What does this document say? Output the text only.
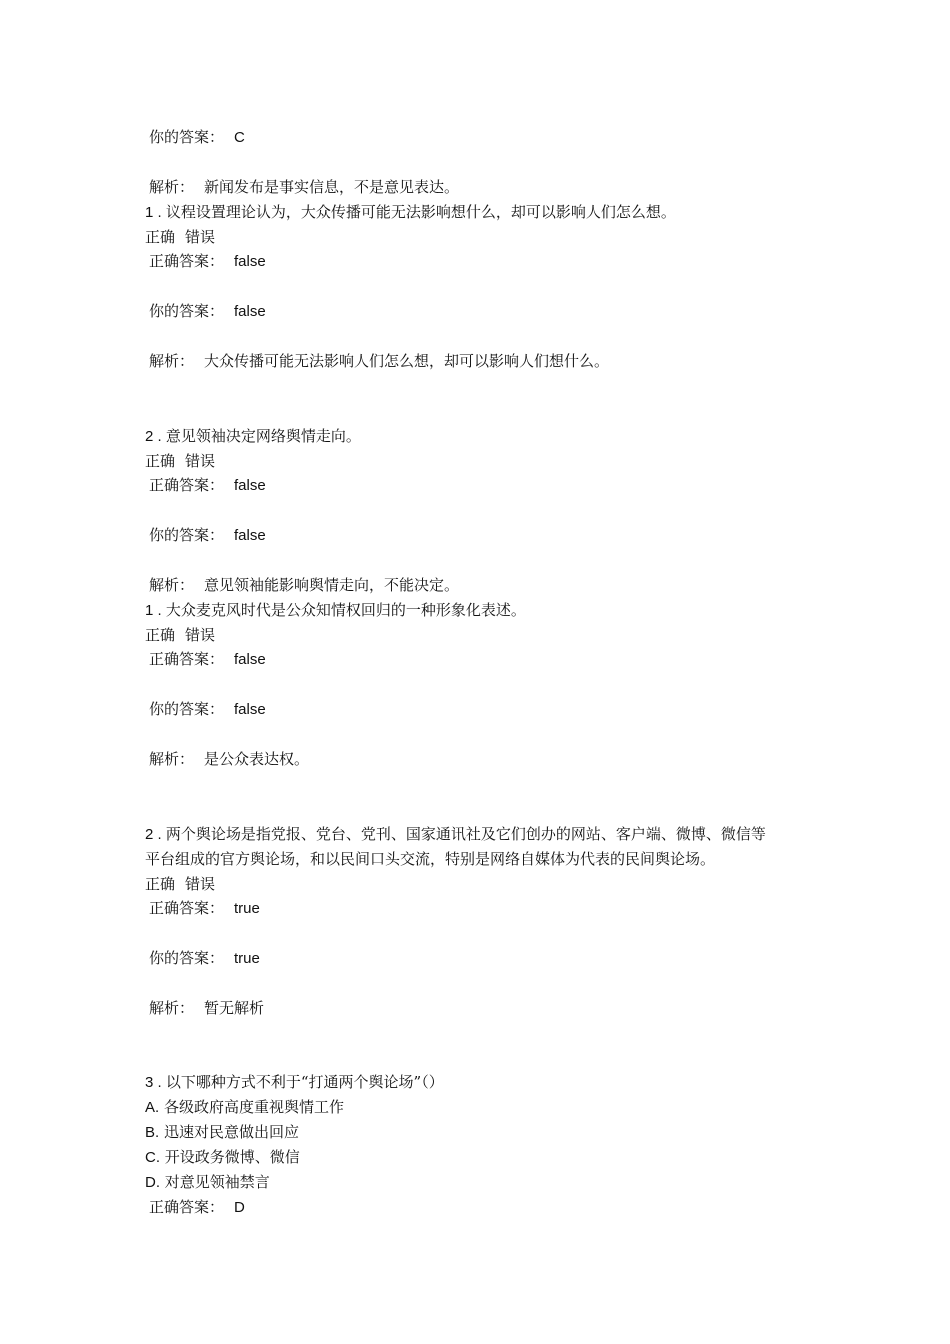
你的答案： C
解析： 新闻发布是事实信息，不是意见表达。
1 . 议程设置理论认为，大众传播可能无法影响想什么，却可以影响人们怎么想。
正确 错误
正确答案： false
你的答案： false
解析： 大众传播可能无法影响人们怎么想，却可以影响人们想什么。
2 . 意见领袖决定网络舆情走向。
正确 错误
正确答案： false
你的答案： false
解析： 意见领袖能影响舆情走向，不能决定。
1 . 大众麦克风时代是公众知情权回归的一种形象化表述。
正确 错误
正确答案： false
你的答案： false
解析： 是公众表达权。
2 . 两个舆论场是指党报、党台、党刊、国家通讯社及它们创办的网站、客户端、微博、微信等
平台组成的官方舆论场，和以民间口头交流，特别是网络自媒体为代表的民间舆论场。
正确 错误
正确答案： true
你的答案： true
解析： 暂无解析
3 . 以下哪种方式不利于“打通两个舆论场”（）
A. 各级政府高度重视舆情工作
B. 迅速对民意做出回应
C. 开设政务微博、微信
D. 对意见领袖禁言
正确答案： D
